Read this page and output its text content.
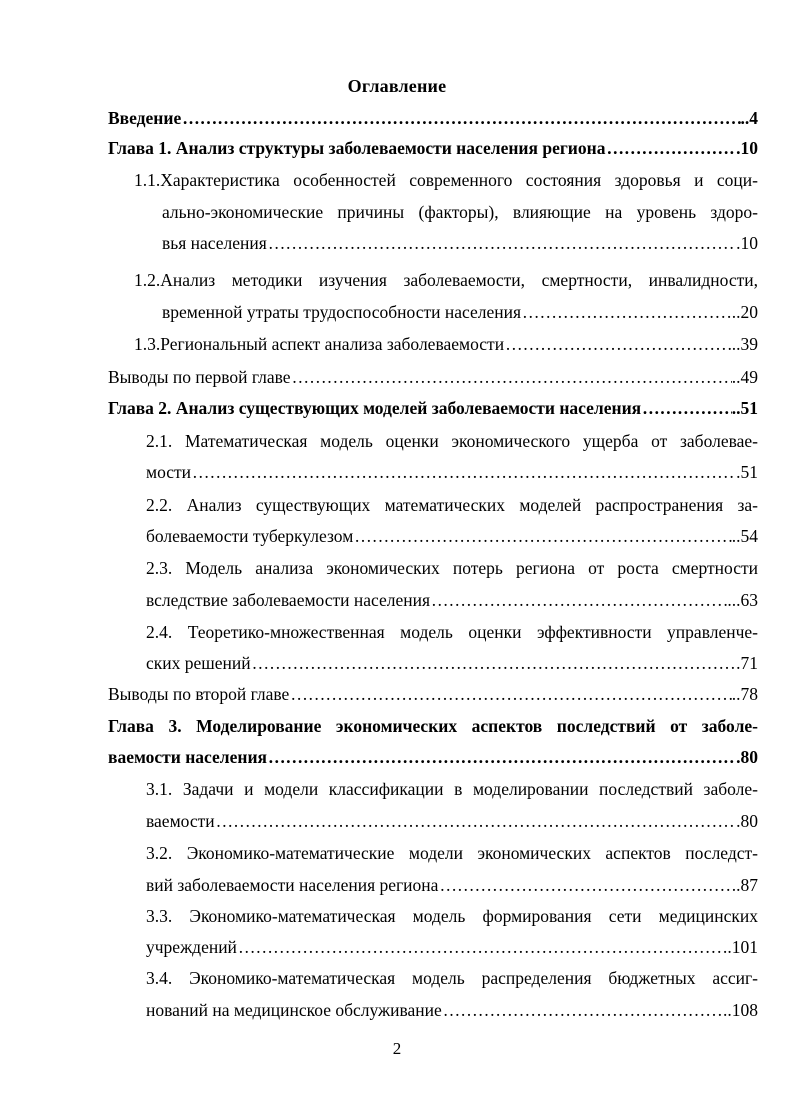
Оглавление
Введение ……………………………………………………………………………………………………………………………………………………………………	..4
Глава 1. Анализ структуры заболеваемости населения региона ……………………………………………………………………………………………………………………………………………………………………	.10
1.1.Характеристика особенностей современного состояния здоровья и соци-
ально-экономические причины (факторы), влияющие на уровень здоро-
вья населения ……………………………………………………………………………………………………………………………………………………………………	.10
1.2.Анализ методики изучения заболеваемости, смертности, инвалидности,
временной утраты трудоспособности населения ……………………………………………………………………………………………………………………………………………………………………	..20
1.3.Региональный аспект анализа заболеваемости ……………………………………………………………………………………………………………………………………………………………………	..39
Выводы по первой главе ……………………………………………………………………………………………………………………………………………………………………	..49
Глава 2. Анализ существующих моделей заболеваемости населения ……………………………………………………………………………………………………………………………………………………………………	..51
2.1. Математическая модель оценки экономического ущерба от заболевае-
мости ……………………………………………………………………………………………………………………………………………………………………	.51
2.2. Анализ существующих математических моделей распространения за-
болеваемости туберкулезом ……………………………………………………………………………………………………………………………………………………………………	..54
2.3. Модель анализа экономических потерь региона от роста смертности
вследствие заболеваемости населения ……………………………………………………………………………………………………………………………………………………………………	...63
2.4. Теоретико-множественная модель оценки эффективности управленче-
ских решений ……………………………………………………………………………………………………………………………………………………………………	.71
Выводы по второй главе ……………………………………………………………………………………………………………………………………………………………………	..78
Глава 3. Моделирование экономических аспектов последствий от заболе-
ваемости населения ……………………………………………………………………………………………………………………………………………………………………	.80
3.1. Задачи и модели классификации в моделировании последствий заболе-
ваемости ……………………………………………………………………………………………………………………………………………………………………	.80
3.2. Экономико-математические модели экономических аспектов последст-
вий заболеваемости населения региона ……………………………………………………………………………………………………………………………………………………………………	..87
3.3. Экономико-математическая модель формирования сети медицинских
учреждений ……………………………………………………………………………………………………………………………………………………………………	.101
3.4. Экономико-математическая модель распределения бюджетных ассиг-
нований на медицинское обслуживание ……………………………………………………………………………………………………………………………………………………………………	..108
2
